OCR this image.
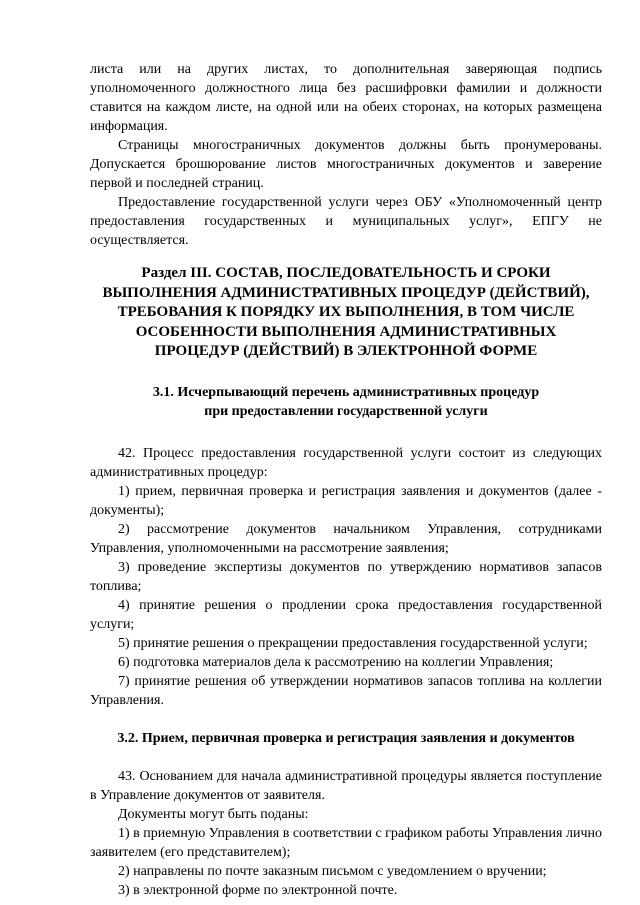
листа или на других листах, то дополнительная заверяющая подпись уполномоченного должностного лица без расшифровки фамилии и должности ставится на каждом листе, на одной или на обеих сторонах, на которых размещена информация.

Страницы многостраничных документов должны быть пронумерованы. Допускается брошюрование листов многостраничных документов и заверение первой и последней страниц.

Предоставление государственной услуги через ОБУ «Уполномоченный центр предоставления государственных и муниципальных услуг», ЕПГУ не осуществляется.

Раздел III. СОСТАВ, ПОСЛЕДОВАТЕЛЬНОСТЬ И СРОКИ

ВЫПОЛНЕНИЯ АДМИНИСТРАТИВНЫХ ПРОЦЕДУР (ДЕЙСТВИЙ),

ТРЕБОВАНИЯ К ПОРЯДКУ ИХ ВЫПОЛНЕНИЯ, В ТОМ ЧИСЛЕ

ОСОБЕННОСТИ ВЫПОЛНЕНИЯ АДМИНИСТРАТИВНЫХ

ПРОЦЕДУР (ДЕЙСТВИЙ) В ЭЛЕКТРОННОЙ ФОРМЕ

3.1. Исчерпывающий перечень административных процедур

при предоставлении государственной услуги

42. Процесс предоставления государственной услуги состоит из следующих административных процедур:

1) прием, первичная проверка и регистрация заявления и документов (далее - документы);

2) рассмотрение документов начальником Управления, сотрудниками Управления, уполномоченными на рассмотрение заявления;

3) проведение экспертизы документов по утверждению нормативов запасов топлива;

4) принятие решения о продлении срока предоставления государственной услуги;

5) принятие решения о прекращении предоставления государственной услуги;

6) подготовка материалов дела к рассмотрению на коллегии Управления;

7) принятие решения об утверждении нормативов запасов топлива на коллегии Управления.

3.2. Прием, первичная проверка и регистрация заявления и документов

43. Основанием для начала административной процедуры является поступление в Управление документов от заявителя.

Документы могут быть поданы:

1) в приемную Управления в соответствии с графиком работы Управления лично заявителем (его представителем);

2) направлены по почте заказным письмом с уведомлением о вручении;

3) в электронной форме по электронной почте.
